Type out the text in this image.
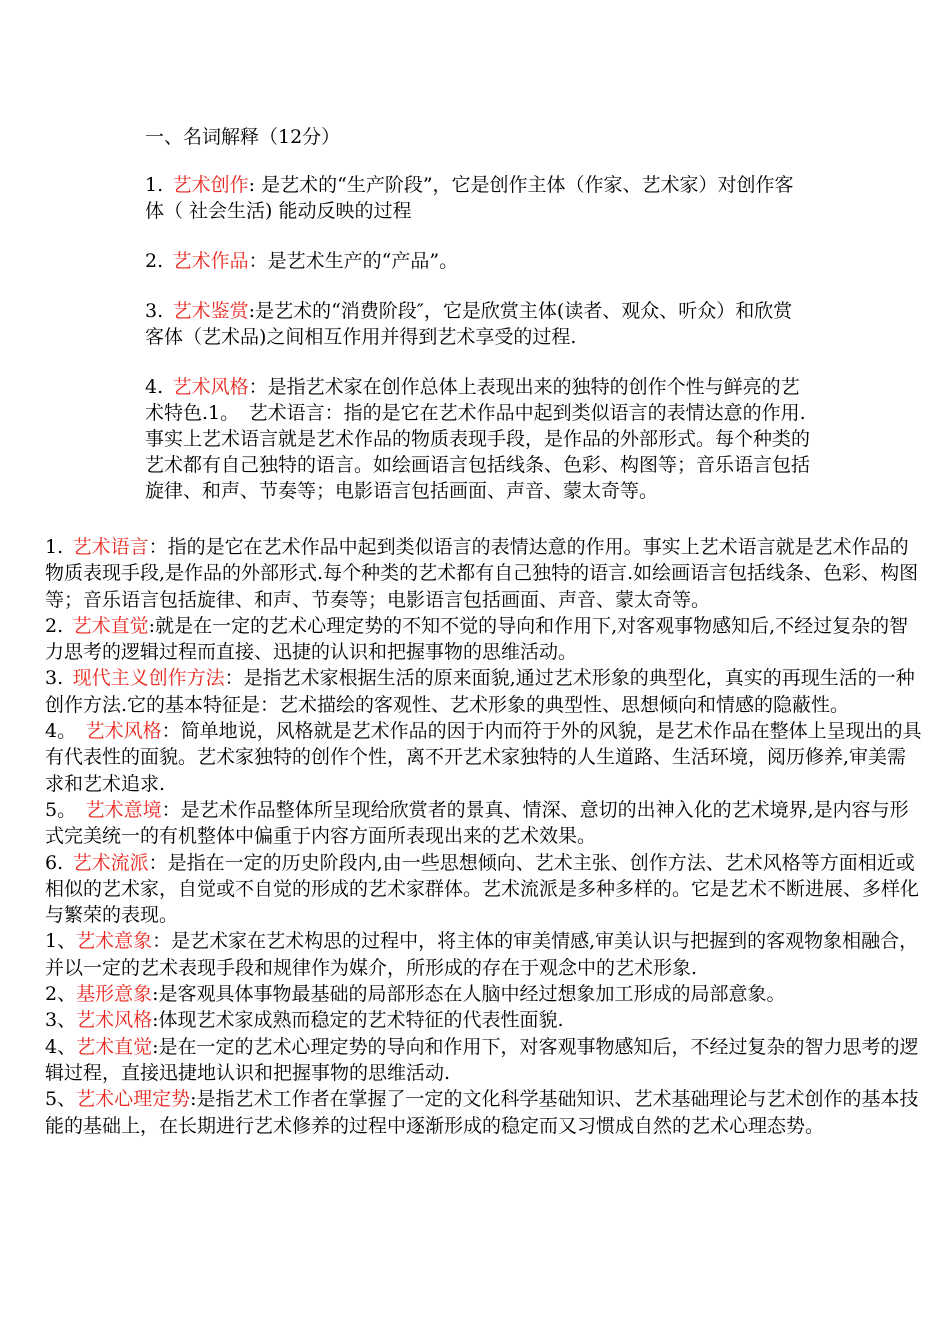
一、名词解释（12分）

1. 艺术创作: 是艺术的“生产阶段”，它是创作主体（作家、艺术家）对创作客体（ 社会生活) 能动反映的过程

2. 艺术作品：是艺术生产的“产品”。

3. 艺术鉴赏:是艺术的“消费阶段″，它是欣赏主体(读者、观众、听众）和欣赏客体（艺术品)之间相互作用并得到艺术享受的过程.

4. 艺术风格：是指艺术家在创作总体上表现出来的独特的创作个性与鲜亮的艺术特色.1。　艺术语言：指的是它在艺术作品中起到类似语言的表情达意的作用.事实上艺术语言就是艺术作品的物质表现手段，是作品的外部形式。每个种类的艺术都有自己独特的语言。如绘画语言包括线条、色彩、构图等；音乐语言包括旋律、和声、节奏等；电影语言包括画面、声音、蒙太奇等。

1. 艺术语言：指的是它在艺术作品中起到类似语言的表情达意的作用。事实上艺术语言就是艺术作品的物质表现手段,是作品的外部形式.每个种类的艺术都有自己独特的语言.如绘画语言包括线条、色彩、构图等；音乐语言包括旋律、和声、节奏等；电影语言包括画面、声音、蒙太奇等。

2. 艺术直觉:就是在一定的艺术心理定势的不知不觉的导向和作用下,对客观事物感知后,不经过复杂的智力思考的逻辑过程而直接、迅捷的认识和把握事物的思维活动。

3. 现代主义创作方法：是指艺术家根据生活的原来面貌,通过艺术形象的典型化，真实的再现生活的一种创作方法.它的基本特征是：艺术描绘的客观性、艺术形象的典型性、思想倾向和情感的隐蔽性。

4。 艺术风格：简单地说，风格就是艺术作品的因于内而符于外的风貌，是艺术作品在整体上呈现出的具有代表性的面貌。艺术家独特的创作个性，离不开艺术家独特的人生道路、生活环境，阅历修养,审美需求和艺术追求.

5。 艺术意境：是艺术作品整体所呈现给欣赏者的景真、情深、意切的出神入化的艺术境界,是内容与形式完美统一的有机整体中偏重于内容方面所表现出来的艺术效果。

6. 艺术流派：是指在一定的历史阶段内,由一些思想倾向、艺术主张、创作方法、艺术风格等方面相近或相似的艺术家，自觉或不自觉的形成的艺术家群体。艺术流派是多种多样的。它是艺术不断进展、多样化与繁荣的表现。

1、艺术意象：是艺术家在艺术构思的过程中，将主体的审美情感,审美认识与把握到的客观物象相融合，并以一定的艺术表现手段和规律作为媒介，所形成的存在于观念中的艺术形象.

2、基形意象:是客观具体事物最基础的局部形态在人脑中经过想象加工形成的局部意象。

3、艺术风格:体现艺术家成熟而稳定的艺术特征的代表性面貌.

4、艺术直觉:是在一定的艺术心理定势的导向和作用下，对客观事物感知后，不经过复杂的智力思考的逻辑过程，直接迅捷地认识和把握事物的思维活动.

5、艺术心理定势:是指艺术工作者在掌握了一定的文化科学基础知识、艺术基础理论与艺术创作的基本技能的基础上，在长期进行艺术修养的过程中逐渐形成的稳定而又习惯成自然的艺术心理态势。
